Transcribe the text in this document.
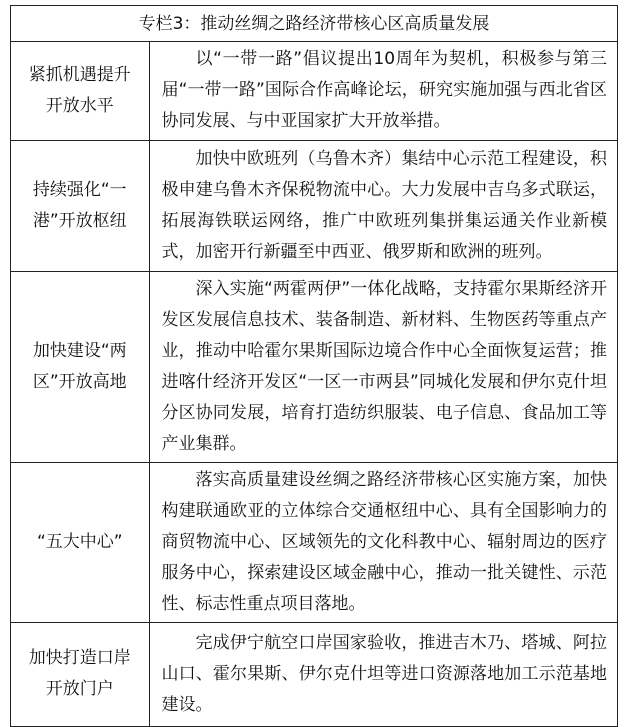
专栏3：推动丝绸之路经济带核心区高质量发展
紧抓机遇提升开放水平	以“一带一路”倡议提出10周年为契机，积极参与第三届“一带一路”国际合作高峰论坛，研究实施加强与西北省区协同发展、与中亚国家扩大开放举措。
持续强化“一港”开放枢纽	加快中欧班列（乌鲁木齐）集结中心示范工程建设，积极申建乌鲁木齐保税物流中心。大力发展中吉乌多式联运，拓展海铁联运网络，推广中欧班列集拼集运通关作业新模式，加密开行新疆至中西亚、俄罗斯和欧洲的班列。
加快建设“两区”开放高地	深入实施“两霍两伊”一体化战略，支持霍尔果斯经济开发区发展信息技术、装备制造、新材料、生物医药等重点产业，推动中哈霍尔果斯国际边境合作中心全面恢复运营；推进喀什经济开发区“一区一市两县”同城化发展和伊尔克什坦分区协同发展，培育打造纺织服装、电子信息、食品加工等产业集群。
“五大中心”	落实高质量建设丝绸之路经济带核心区实施方案，加快构建联通欧亚的立体综合交通枢纽中心、具有全国影响力的商贸物流中心、区域领先的文化科教中心、辐射周边的医疗服务中心，探索建设区域金融中心，推动一批关键性、示范性、标志性重点项目落地。
加快打造口岸开放门户	完成伊宁航空口岸国家验收，推进吉木乃、塔城、阿拉山口、霍尔果斯、伊尔克什坦等进口资源落地加工示范基地建设。
